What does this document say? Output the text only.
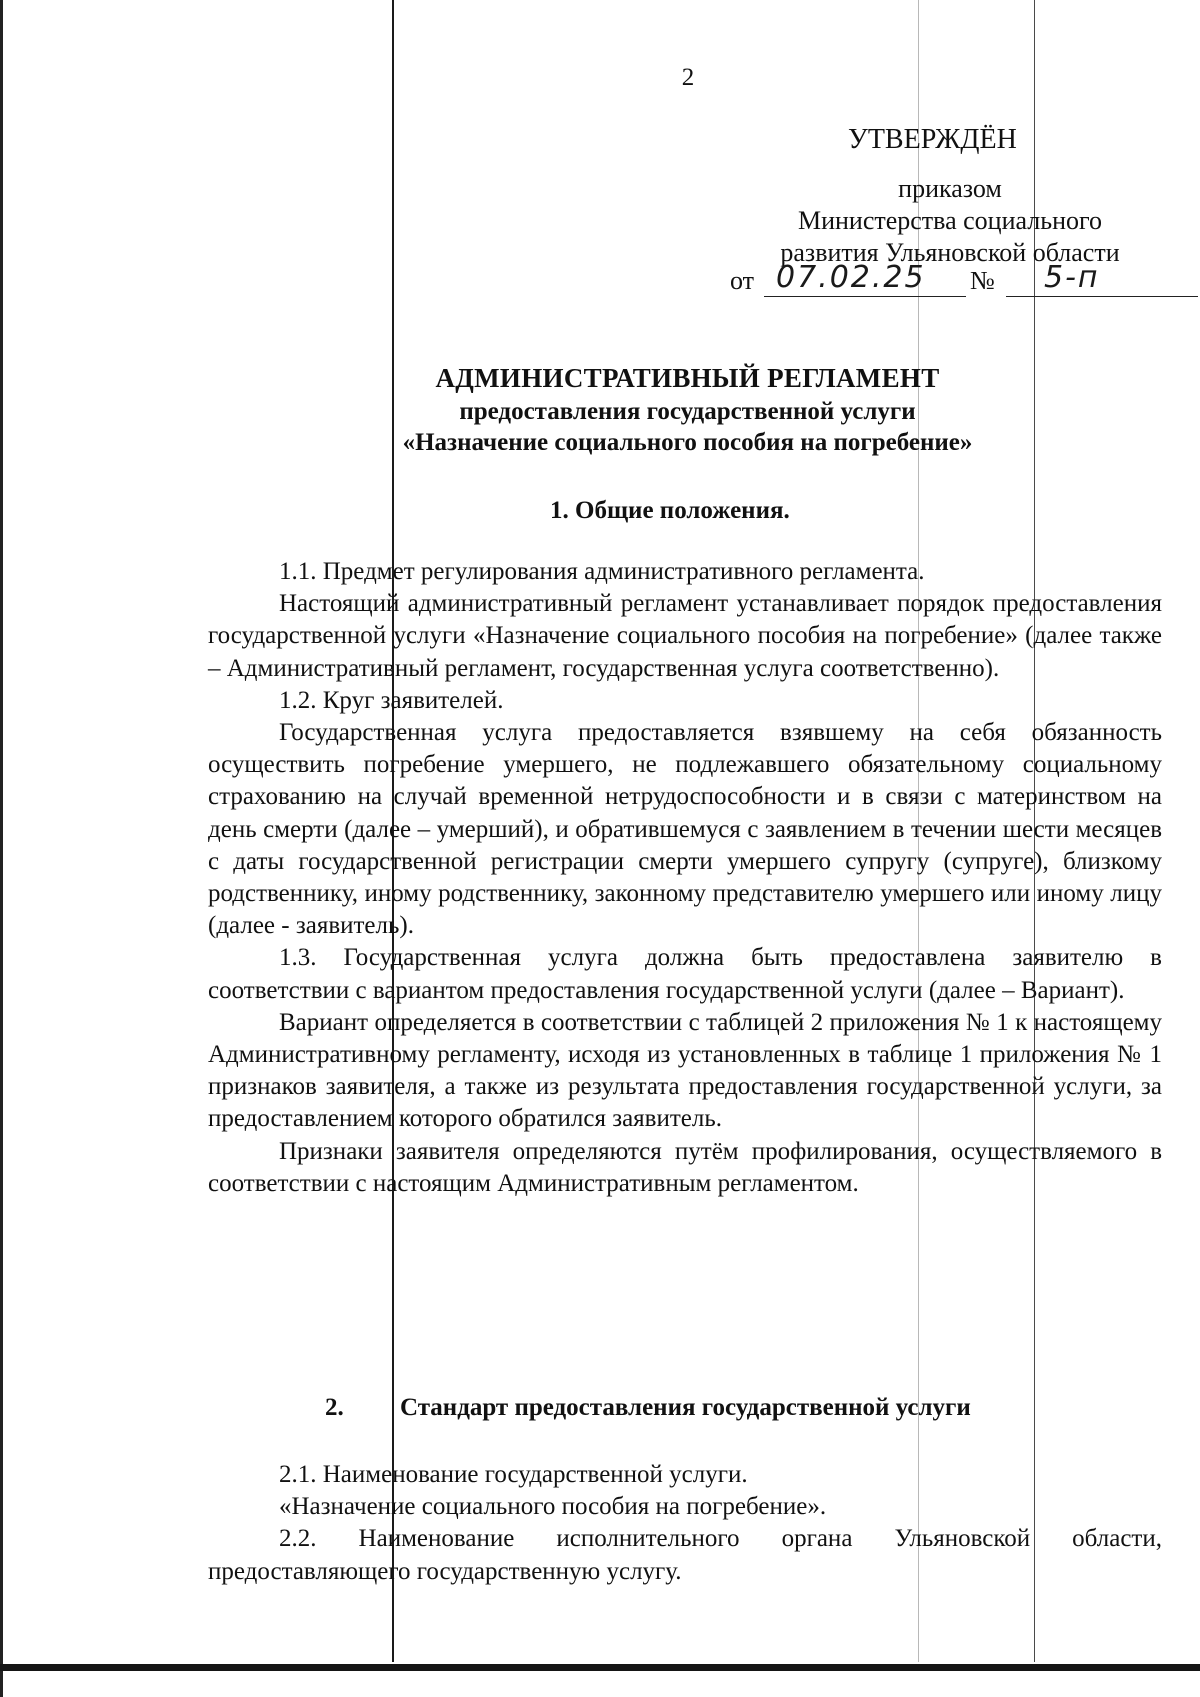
2
УТВЕРЖДЁН
приказом
Министерства социального
развития Ульяновской области
от 07.02.25 № 5-п
АДМИНИСТРАТИВНЫЙ РЕГЛАМЕНТ
предоставления государственной услуги
«Назначение социального пособия на погребение»
1. Общие положения.

1.1. Предмет регулирования административного регламента.

Настоящий административный регламент устанавливает порядок предоставления государственной услуги «Назначение социального пособия на погребение» (далее также – Административный регламент, государственная услуга соответственно).

1.2. Круг заявителей.

Государственная услуга предоставляется взявшему на себя обязанность осуществить погребение умершего, не подлежавшего обязательному социальному страхованию на случай временной нетрудоспособности и в связи с материнством на день смерти (далее – умерший), и обратившемуся с заявлением в течении шести месяцев с даты государственной регистрации смерти умершего супругу (супруге), близкому родственнику, иному родственнику, законному представителю умершего или иному лицу (далее - заявитель).

1.3. Государственная услуга должна быть предоставлена заявителю в соответствии с вариантом предоставления государственной услуги (далее – Вариант).

Вариант определяется в соответствии с таблицей 2 приложения № 1 к настоящему Административному регламенту, исходя из установленных в таблице 1 приложения № 1 признаков заявителя, а также из результата предоставления государственной услуги, за предоставлением которого обратился заявитель.

Признаки заявителя определяются путём профилирования, осуществляемого в соответствии с настоящим Административным регламентом.

2. Стандарт предоставления государственной услуги

2.1. Наименование государственной услуги.

«Назначение социального пособия на погребение».

2.2. Наименование исполнительного органа Ульяновской области, предоставляющего государственную услугу.
